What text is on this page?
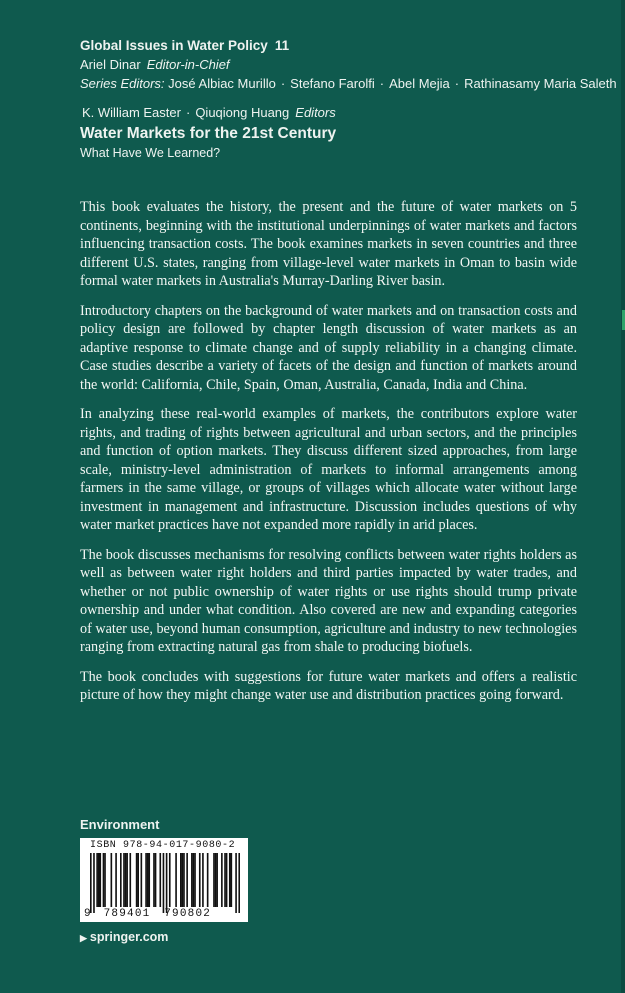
Global Issues in Water Policy 11
Ariel Dinar Editor-in-Chief
Series Editors: José Albiac Murillo · Stefano Farolfi · Abel Mejia · Rathinasamy Maria Saleth
K. William Easter · Qiuqiong Huang Editors
Water Markets for the 21st Century
What Have We Learned?

This book evaluates the history, the present and the future of water markets on 5 continents, beginning with the institutional underpinnings of water markets and factors influencing transaction costs. The book examines markets in seven countries and three different U.S. states, ranging from village-level water markets in Oman to basin wide formal water markets in Australia's Murray-Darling River basin.

Introductory chapters on the background of water markets and on transaction costs and policy design are followed by chapter length discussion of water markets as an adaptive response to climate change and of supply reliability in a changing climate. Case studies describe a variety of facets of the design and function of markets around the world: California, Chile, Spain, Oman, Australia, Canada, India and China.

In analyzing these real-world examples of markets, the contributors explore water rights, and trading of rights between agricultural and urban sectors, and the principles and function of option markets. They discuss different sized approaches, from large scale, ministry-level administration of markets to informal arrangements among farmers in the same village, or groups of villages which allocate water without large investment in management and infrastructure. Discussion includes questions of why water market practices have not expanded more rapidly in arid places.

The book discusses mechanisms for resolving conflicts between water rights holders as well as between water right holders and third parties impacted by water trades, and whether or not public ownership of water rights or use rights should trump private ownership and under what condition. Also covered are new and expanding categories of water use, beyond human consumption, agriculture and industry to new technologies ranging from extracting natural gas from shale to producing biofuels.

The book concludes with suggestions for future water markets and offers a realistic picture of how they might change water use and distribution practices going forward.

Environment
ISBN 978-94-017-9080-2
9 789401 790802
▶ springer.com
